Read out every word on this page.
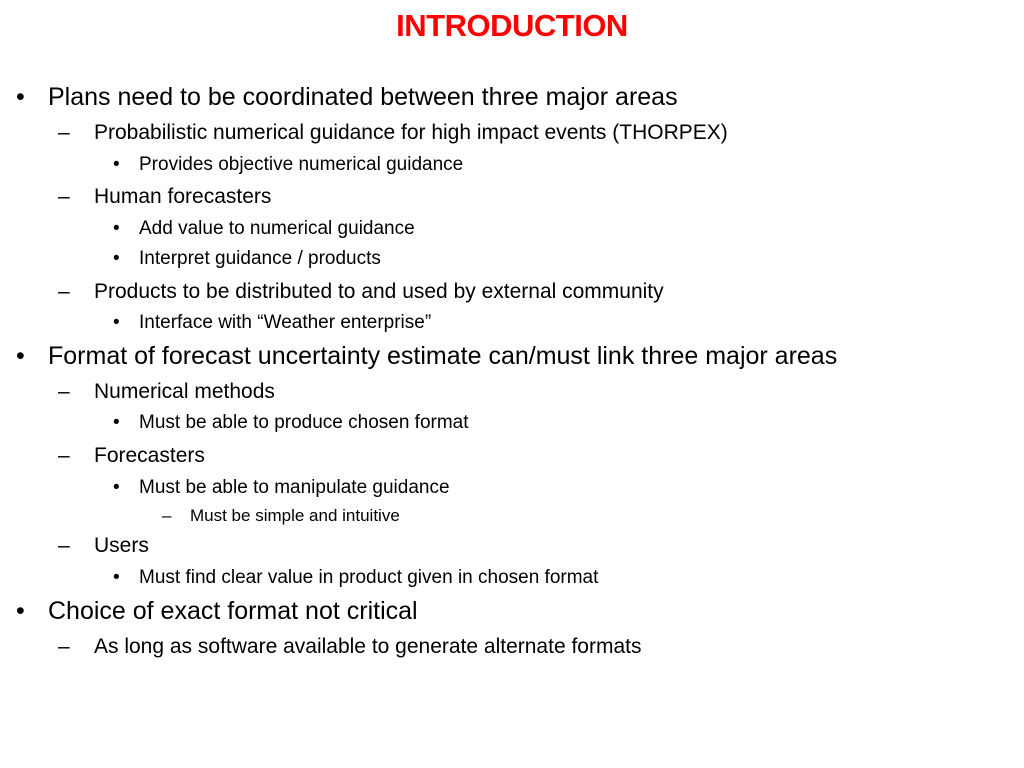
INTRODUCTION
• Plans need to be coordinated between three major areas
– Probabilistic numerical guidance for high impact events (THORPEX)
• Provides objective numerical guidance
– Human forecasters
• Add value to numerical guidance
• Interpret guidance / products
– Products to be distributed to and used by external community
• Interface with “Weather enterprise”
• Format of forecast uncertainty estimate can/must link three major areas
– Numerical methods
• Must be able to produce chosen format
– Forecasters
• Must be able to manipulate guidance
– Must be simple and intuitive
– Users
• Must find clear value in product given in chosen format
• Choice of exact format not critical
– As long as software available to generate alternate formats
